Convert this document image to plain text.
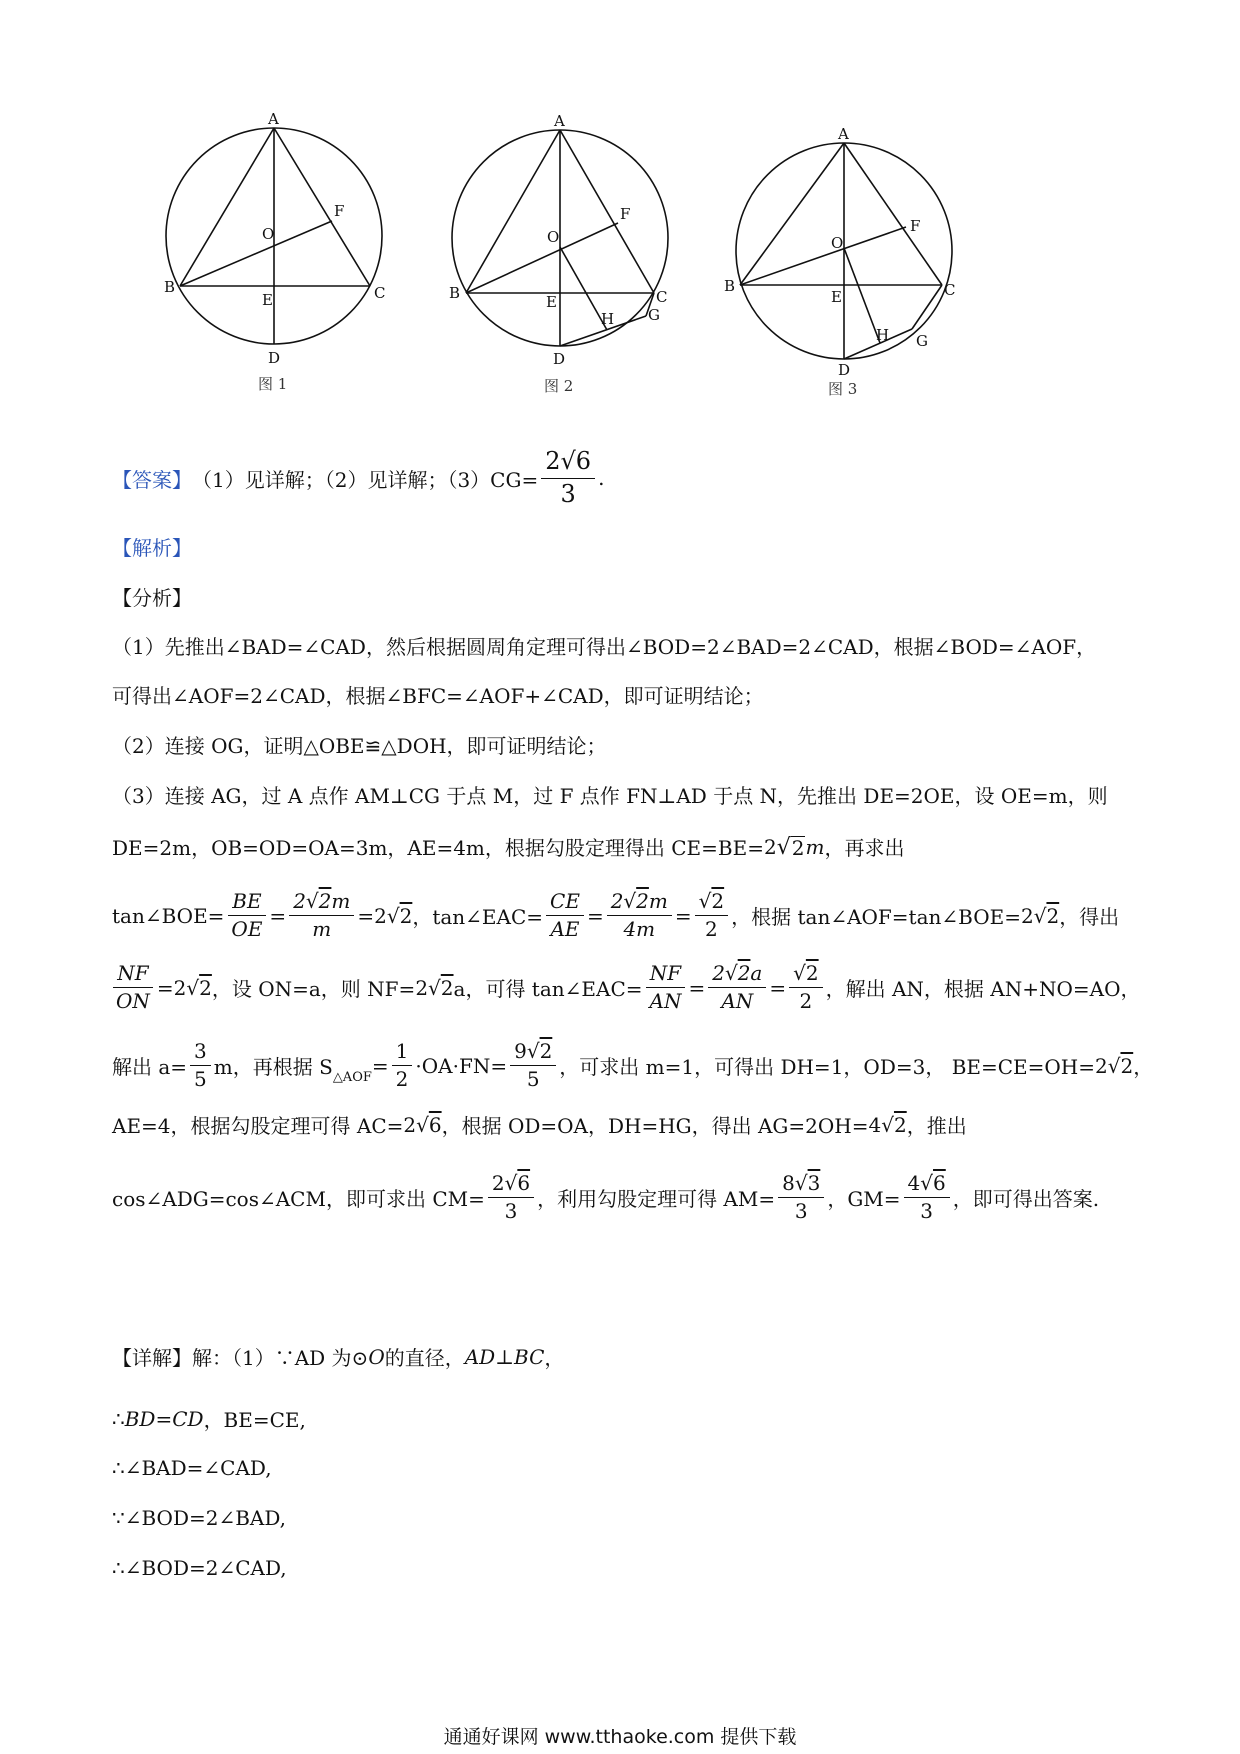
A
B	C
D
E
F
O
A
B	C
D
E
F
O
H G
A
B	C
D
E
F
O
H G
图 1	图 2	图 3
【答案】 （1）见详解；（2）见详解；$(3)CG= \frac{2√6}{3}$ .
【解析】
【分析】
（1）先推出∠BAD=∠CAD，然后根据圆周角定理可得出∠BOD=2∠BAD=2∠CAD，根据∠BOD=∠AOF，
可得出∠AOF=2∠CAD，根据∠BFC=∠AOF+∠CAD，即可证明结论；
（2）连接 OG，证明△OBE≌△DOH，即可证明结论；
（3）连接 AG，过 A 点作 AM⊥CG 于点 M，过 F 点作 FN⊥AD 于点 N，先推出 DE=2OE，设 OE=m，则
DE=2m，OB=OD=OA=3m，AE=4m，根据勾股定理得出 CE=BE= 2 √ 2 m ，再求出
tan∠BOE= $\frac{BE}{OE} = \frac{2√2m}{m} =2√2$ ，tan∠EAC= $\frac{CE}{AE} = \frac{2√2m}{4m} = \frac{√2}{2}$ ，根据 tan∠AOF=tan∠BOE= 2√2 ，得出
$\frac{NF}{ON} =2√2$ ，设 ON=a，则 NF= 2√2 a，可得 tan∠EAC= $\frac{NF}{AN} = \frac{2√2a}{AN} = \frac{√2}{2}$ ，解出 AN，根据 AN+NO=AO，
解出 $a= \frac{3}{5}$ m，再根据 S △AOF = $\frac{1}{2} \cdot OA\cdot FN= \frac{9√2}{5}$ ，可求出 m=1，可得出 DH=1，OD=3， BE=CE=OH= 2√2 ，
AE=4，根据勾股定理可得 AC= 2√6 ，根据 OD=OA，DH=HG，得出 AG=2OH= 4√2 ，推出
cos∠ADG=cos∠ACM，即可求出 $CM= \frac{2√6}{3}$ ，利用勾股定理可得 $AM= \frac{8√3}{3}$ ，$GM= \frac{4√6}{3}$ ，即可得出答案.
【详解】 解：（1）∵AD 为⊙ O 的直径， AD⊥BC ，
∴ BD=CD ，BE=CE,
∴∠BAD=∠CAD,
∵∠BOD=2∠BAD,
∴∠BOD=2∠CAD,
通通好课网 www.tthaoke.com 提供下载
